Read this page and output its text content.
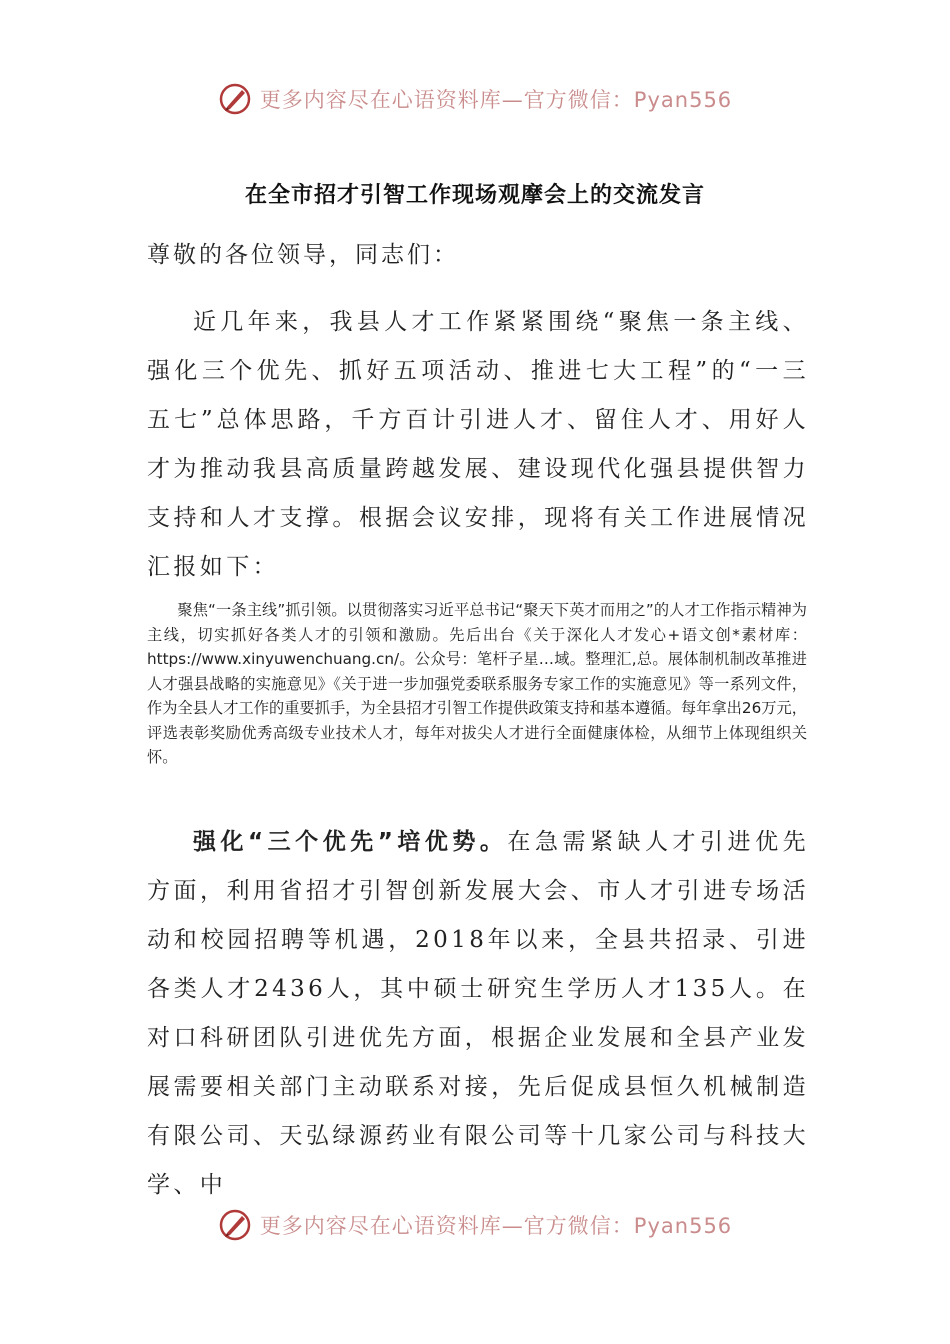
更多内容尽在心语资料库—官方微信：Pyan556
在全市招才引智工作现场观摩会上的交流发言
尊敬的各位领导，同志们：

近几年来，我县人才工作紧紧围绕“聚焦一条主线、强化三个优先、抓好五项活动、推进七大工程”的“一三五七”总体思路，千方百计引进人才、留住人才、用好人才为推动我县高质量跨越发展、建设现代化强县提供智力支持和人才支撑。根据会议安排，现将有关工作进展情况汇报如下：

聚焦“一条主线”抓引领。以贯彻落实习近平总书记“聚天下英才而用之”的人才工作指示精神为主线，切实抓好各类人才的引领和激励。先后出台《关于深化人才发心+语文创*素材库：https://www.xinyuwenchuang.cn/。公众号：笔杆子星…域。整理汇,总。展体制机制改革推进人才强县战略的实施意见》《关于进一步加强党委联系服务专家工作的实施意见》等一系列文件，作为全县人才工作的重要抓手，为全县招才引智工作提供政策支持和基本遵循。每年拿出26万元，评选表彰奖励优秀高级专业技术人才，每年对拔尖人才进行全面健康体检，从细节上体现组织关怀。

强化“三个优先”培优势。在急需紧缺人才引进优先方面，利用省招才引智创新发展大会、市人才引进专场活动和校园招聘等机遇，2018年以来，全县共招录、引进各类人才2436人，其中硕士研究生学历人才135人。在对口科研团队引进优先方面，根据企业发展和全县产业发展需要相关部门主动联系对接，先后促成县恒久机械制造有限公司、天弘绿源药业有限公司等十几家公司与科技大学、中

更多内容尽在心语资料库—官方微信：Pyan556
